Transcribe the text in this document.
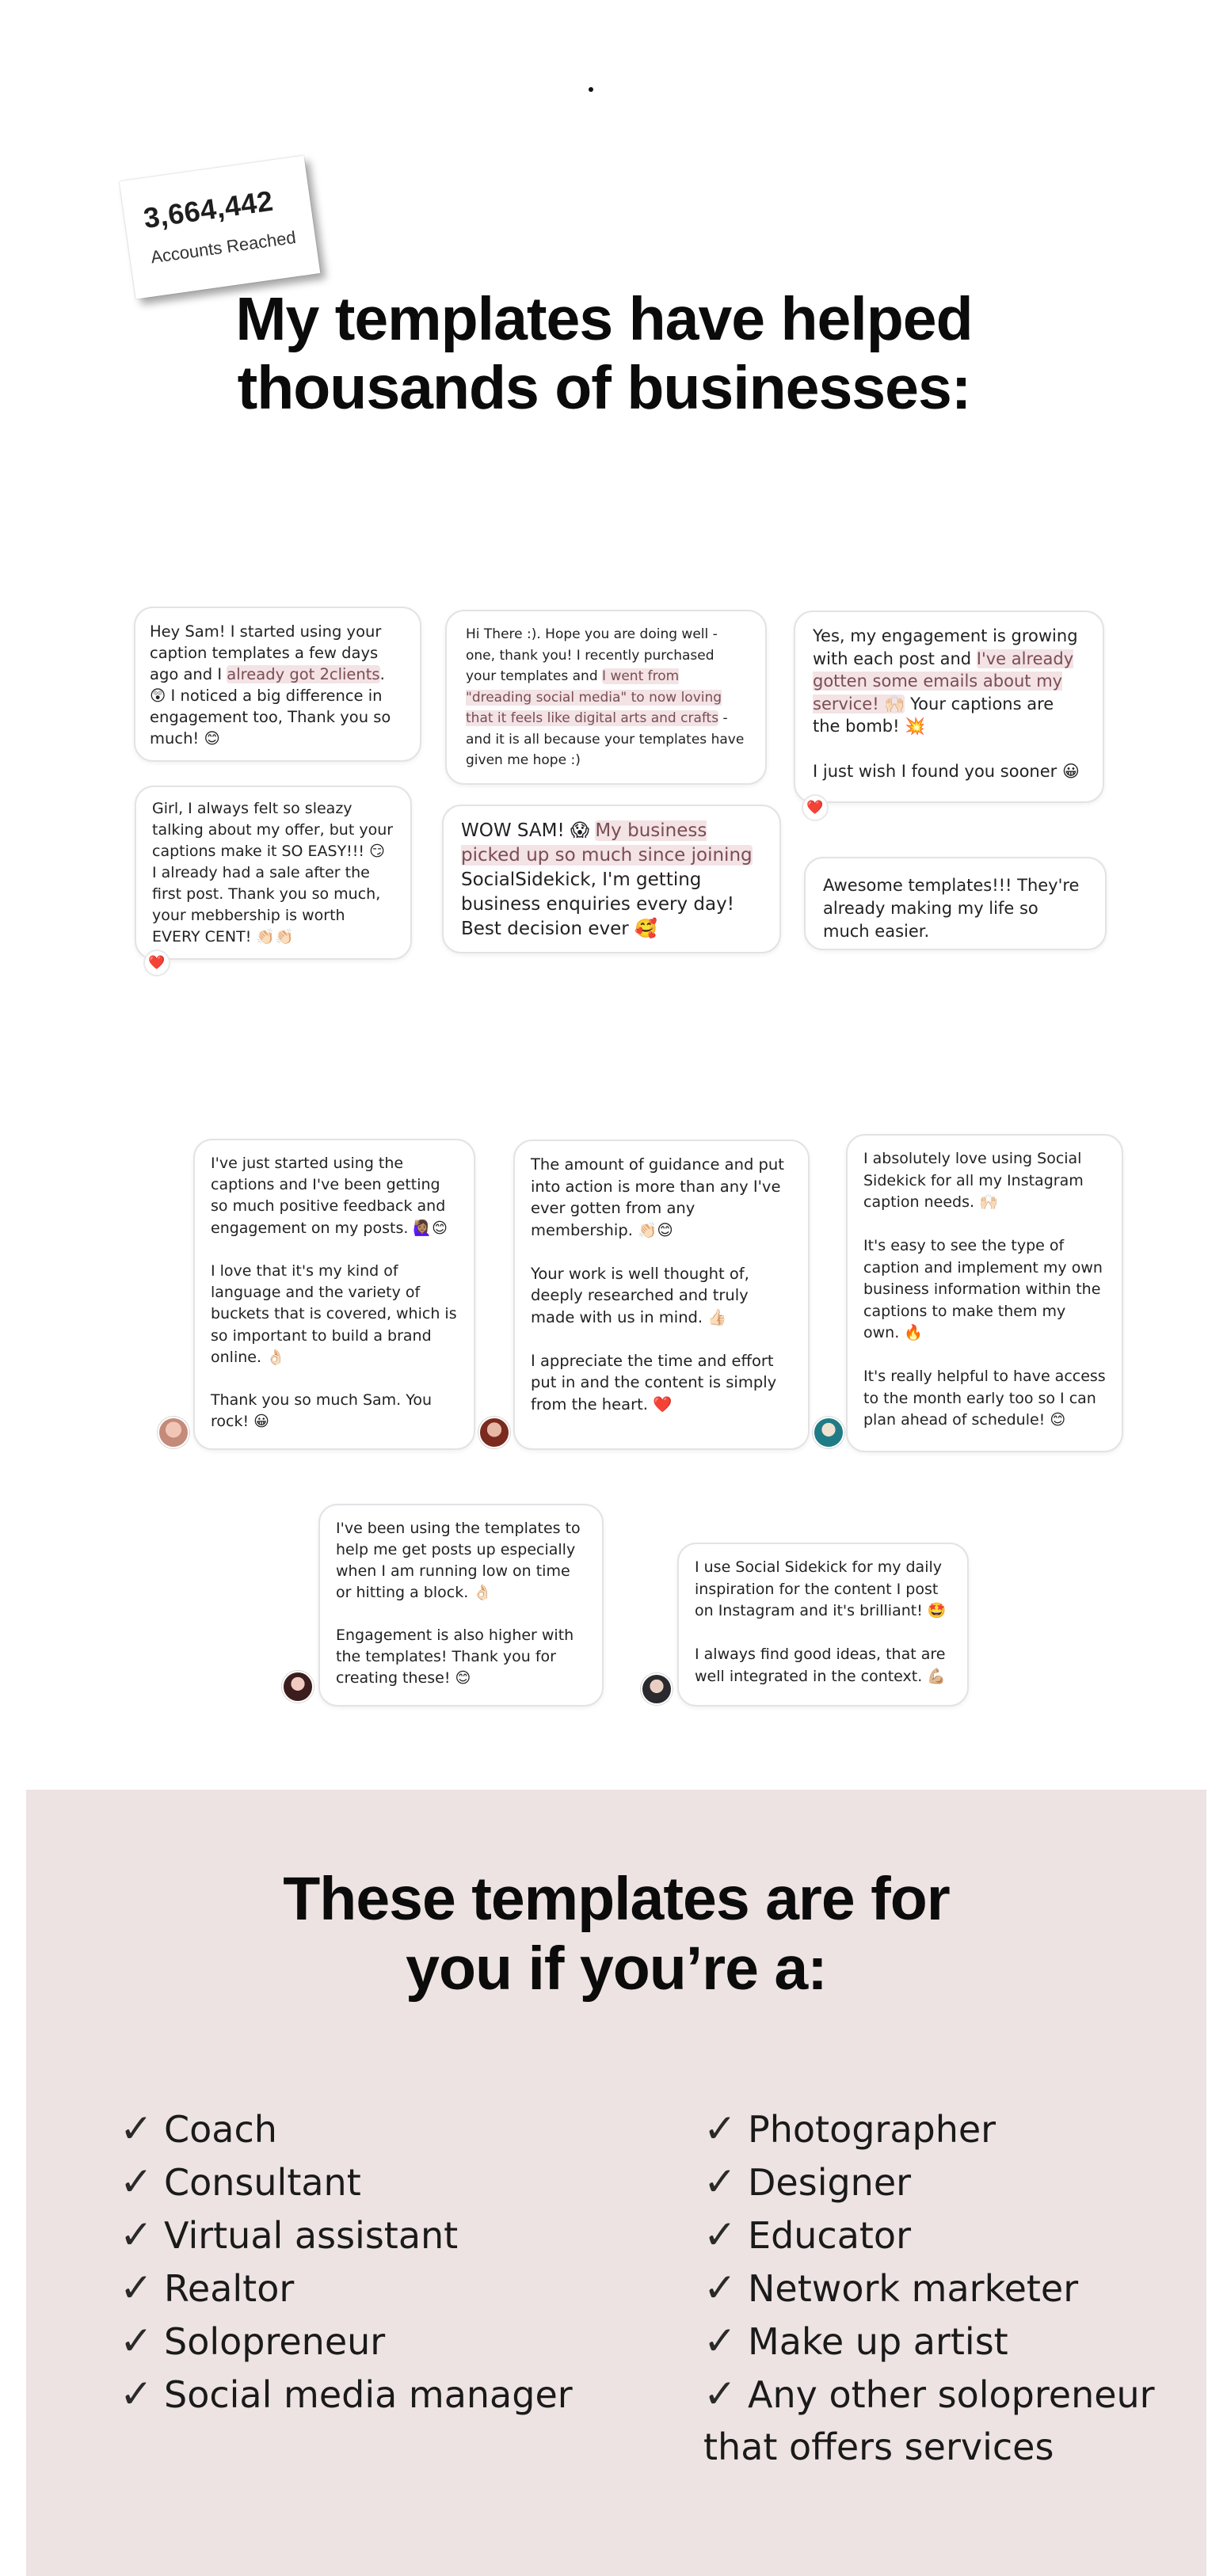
3,664,442
Accounts Reached
My templates have helped
thousands of businesses:

Hey Sam! I started using your caption templates a few days ago and I already got 2clients. 😲 I noticed a big difference in engagement too, Thank you so much! 😊

Hi There :). Hope you are doing well - one, thank you! I recently purchased your templates and I went from "dreading social media" to now loving that it feels like digital arts and crafts - and it is all because your templates have given me hope :)

Yes, my engagement is growing with each post and I've already gotten some emails about my service! 🙌🏻 Your captions are the bomb! 💥

I just wish I found you sooner 😀

❤️

Girl, I always felt so sleazy talking about my offer, but your captions make it SO EASY!!! 😏
I already had a sale after the first post. Thank you so much, your mebbership is worth EVERY CENT! 👏🏻👏🏻

❤️

WOW SAM! 😱 My business picked up so much since joining SocialSidekick, I'm getting business enquiries every day! Best decision ever 🥰

Awesome templates!!! They're already making my life so much easier.

I've just started using the captions and I've been getting so much positive feedback and engagement on my posts. 🙋🏽‍♀️😊

I love that it's my kind of language and the variety of buckets that is covered, which is so important to build a brand online. 👌🏻

Thank you so much Sam. You rock! 😀

The amount of guidance and put into action is more than any I've ever gotten from any membership. 👏🏻😊

Your work is well thought of, deeply researched and truly made with us in mind. 👍🏻

I appreciate the time and effort put in and the content is simply from the heart. ❤️

I absolutely love using Social Sidekick for all my Instagram caption needs. 🙌🏻

It's easy to see the type of caption and implement my own business information within the captions to make them my own. 🔥

It's really helpful to have access to the month early too so I can plan ahead of schedule! 😊

I've been using the templates to help me get posts up especially when I am running low on time or hitting a block. 👌🏻

Engagement is also higher with the templates! Thank you for creating these! 😊

I use Social Sidekick for my daily inspiration for the content I post on Instagram and it's brilliant! 🤩

I always find good ideas, that are well integrated in the context. 💪🏼

These templates are for
you if you’re a:
✓ Coach
✓ Consultant
✓ Virtual assistant
✓ Realtor
✓ Solopreneur
✓ Social media manager
✓ Photographer
✓ Designer
✓ Educator
✓ Network marketer
✓ Make up artist
✓ Any other solopreneur
that offers services
